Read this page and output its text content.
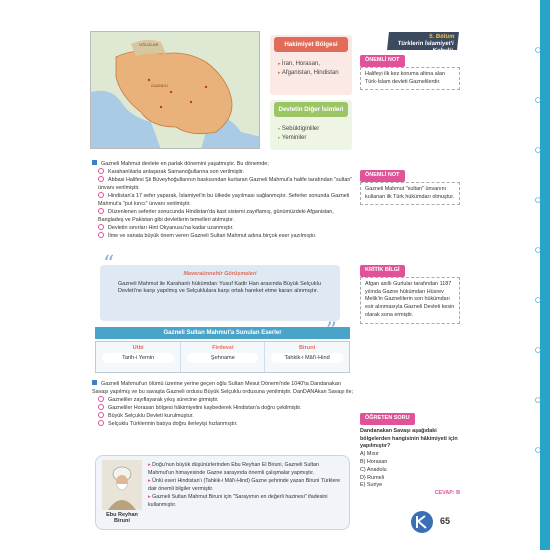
GAZNELİ
OĞUZLAR	Hakimiyet Bölgesi
▸ İran, Horasan,
▸ Afganistan, Hindistan
Devletin Diğer İsimleri
▸ Sebüktiginliler
▸ Yeminiler
Gazneli Mahmut devlete en parlak dönemini yaşatmıştır. Bu dönemde;
Karahanlılarla anlaşarak Samanoğullarına son verilmiştir.
Abbasi Halifesi Şii Büveyhoğullarının baskısından kurtaran Gazneli Mahmut'a halife tarafından "sultan" ünvanı verilmiştir.
Hindistan'a 17 sefer yaparak, İslamiyet'in bu ülkede yayılması sağlanmıştır. Seferler sonunda Gazneli Mahmut'a "put kırıcı" ünvanı verilmiştir.
Düzenlenen seferler sonucunda Hindistan'da kast sistemi zayıflamış, günümüzdeki Afganistan, Bangladeş ve Pakistan gibi devletlerin temelleri atılmıştır.
Devletin sınırları Hint Okyanusu'na kadar uzanmıştır.
İlme ve sanata büyük önem veren Gazneli Sultan Mahmut adına birçok eser yazılmıştır.
“	Maveraünnehir Görüşmeleri
Gazneli Mahmut ile Karahanlı hükümdarı Yusuf Kadir Han arasında Büyük Selçuklu Devleti'ne karşı yapılmış ve Selçuklulara karşı ortak hareket etme kararı alınmıştır.
Gazneli Sultan Mahmut'a Sunulan Eserler
Utbi
Tarih-i Yemin
Firdevsi
Şehname
Biruni
Tahkik-i Mâl'i-Hind
Gazneli Mahmut'un ölümü üzerine yerine geçen oğlu Sultan Mesut Dönemi'nde 1040'ta Dandanakan Savaşı yapılmış ve bu savaşta Gazneli ordusu Büyük Selçuklu ordusuna yenilmiştir. DanDANAkan Savaşı ile;
Gazneliler zayıflayarak yıkış sürecine girmiştir.
Gazneliler Horasan bölgesi hâkimiyetini kaybederek Hindistan'a doğru çekilmiştir.
Büyük Selçuklu Devleti kurulmuştur.
Selçuklu Türklerinin batıya doğru ilerleyişi hızlanmıştır.
Ebu Reyhan Biruni

▸ Doğu'nun büyük düşünürlerinden Ebu Reyhan El Biruni, Gazneli Sultan Mahmut'un himayesinde Gazne sarayında önemli çalışmalar yapmıştır.

▸ Ünlü eseri Hindistan'ı (Tahkik-i Mâl'i-Hind) Gazne şehrinde yazan Biruni Türklere dair önemli bilgiler vermiştir.

▸ Gazneli Sultan Mahmut Biruni için "Sarayımın en değerli hazinesi" ifadesini kullanmıştır.

5. Bölüm
Türklerin İslamiyet'i Kabulü
ÖNEMLİ NOT
Halifeyi ilk kez koruma altına alan Türk-İslam devleti Gaznelilerdir.
ÖNEMLİ NOT
Gazneli Mahmut "sultan" ünvanını kullanan ilk Türk hükümdarı olmuştur.
KRİTİK BİLGİ
Afgan asıllı Gurlular tarafından 1187 yılında Gazne hükümdarı Hüsrev Melik'in Gaznelilerin son hükümdarı esir alınmasıyla Gazneli Devleti kesin olarak sona ermiştir.
ÖĞRETEN SORU
Dandanakan Savaşı aşağıdaki bölgelerden hangisinin hâkimiyeti için yapılmıştır?
A) Mısır
B) Horasan
C) Anadolu
D) Rumeli
E) Suriye
CEVAP: B
65
